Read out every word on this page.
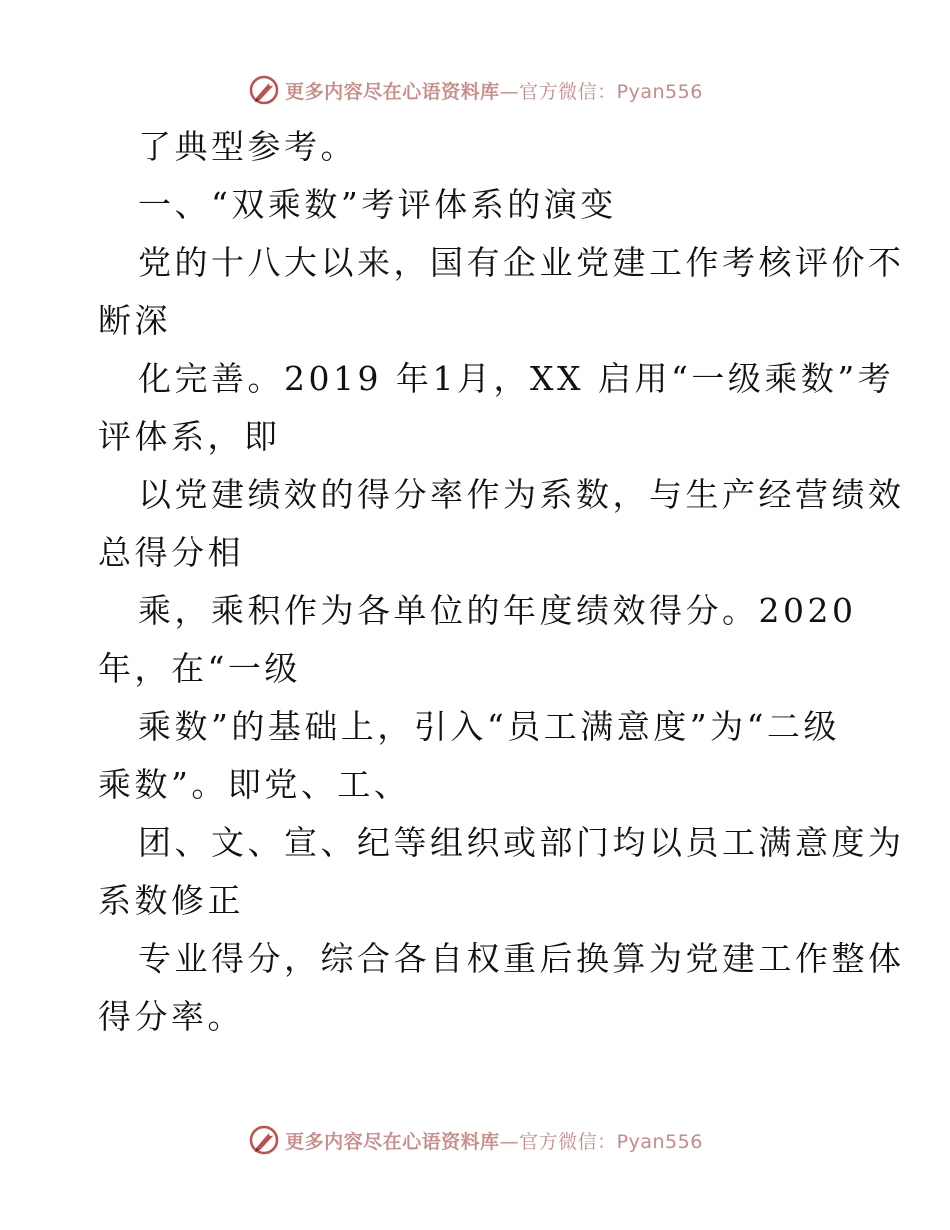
更多内容尽在心语资料库 —官方微信：Pyan556
了典型参考。
一、“双乘数”考评体系的演变
党的十八大以来，国有企业党建工作考核评价不
断深
化完善。2019 年1月，XX 启用“一级乘数”考
评体系，即
以党建绩效的得分率作为系数，与生产经营绩效
总得分相
乘，乘积作为各单位的年度绩效得分。2020
年，在“一级
乘数”的基础上，引入“员工满意度”为“二级
乘数”。即党、工、
团、文、宣、纪等组织或部门均以员工满意度为
系数修正
专业得分，综合各自权重后换算为党建工作整体
得分率。
更多内容尽在心语资料库 —官方微信：Pyan556
